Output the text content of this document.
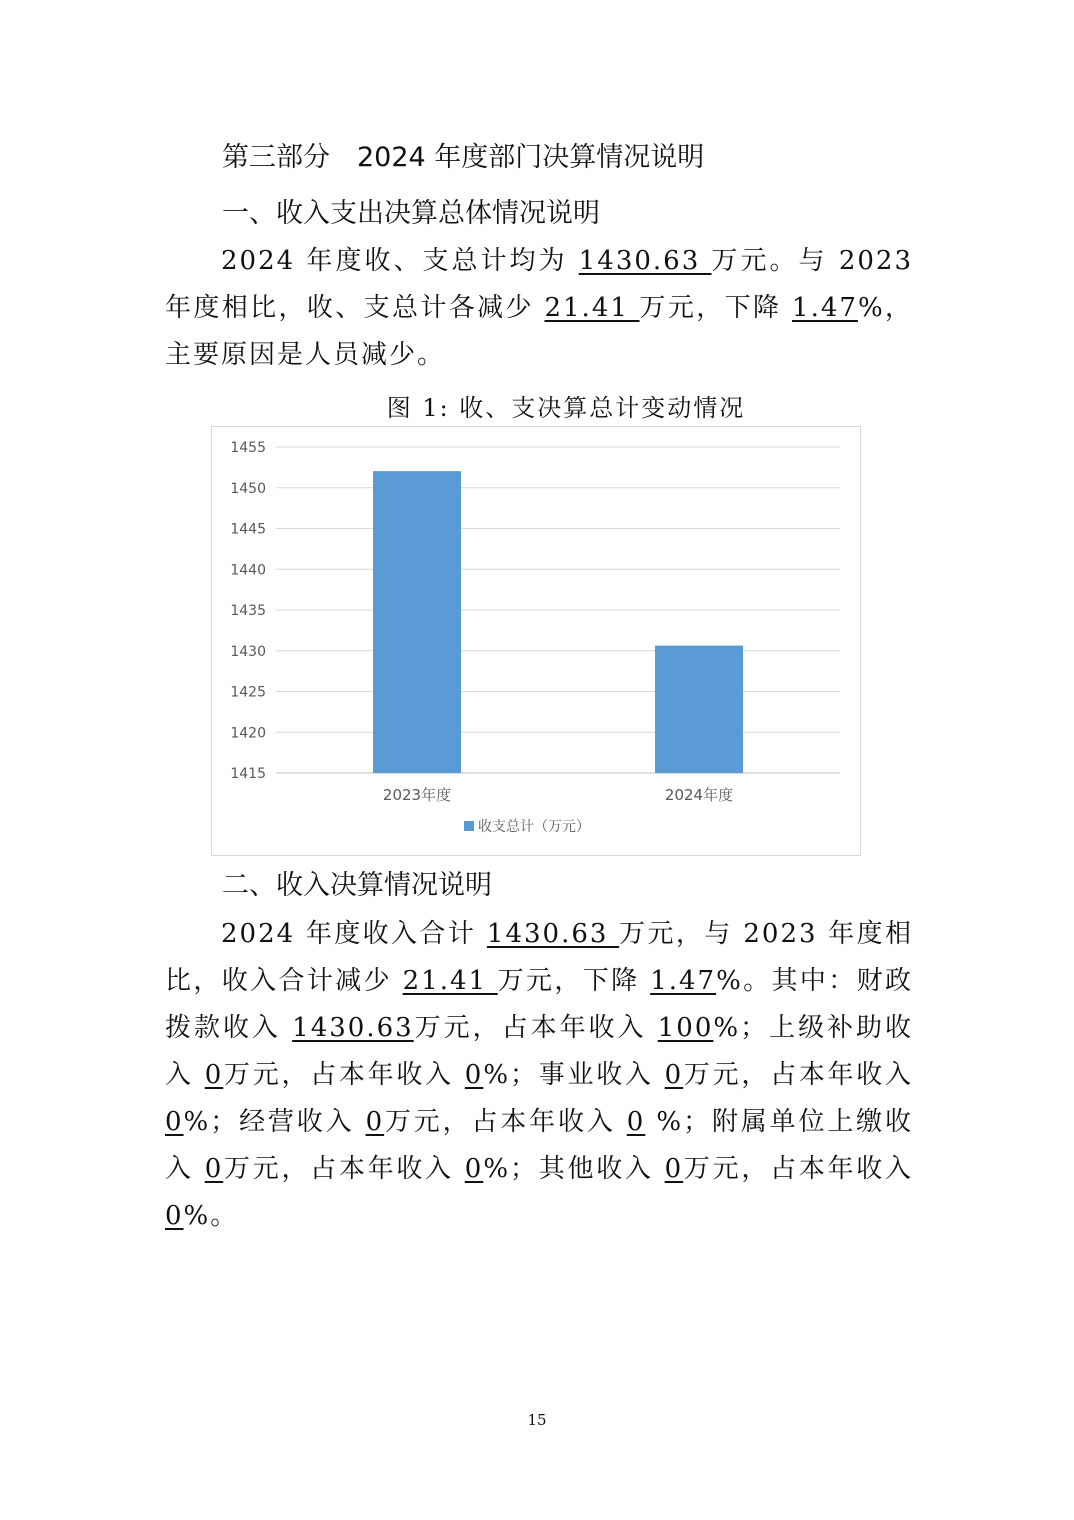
第三部分　2024 年度部门决算情况说明
一、收入支出决算总体情况说明

2024 年度收、支总计均为 1430.63 万元。与 2023 年度相比，收、支总计各减少 21.41 万元，下降 1.47%，主要原因是人员减少。

图 1: 收、支决算总计变动情况

1415
1420
1425
1430
1435
1440
1445
1450
1455
2023年度	2024年度
收支总计（万元）
二、收入决算情况说明

2024 年度收入合计 1430.63 万元，与 2023 年度相比，收入合计减少 21.41 万元，下降 1.47%。其中：财政拨款收入 1430.63万元，占本年收入 100%；上级补助收入 0万元，占本年收入 0%；事业收入 0万元，占本年收入 0%；经营收入 0万元，占本年收入 0 %；附属单位上缴收入 0万元，占本年收入 0%；其他收入 0万元，占本年收入 0%。

15
